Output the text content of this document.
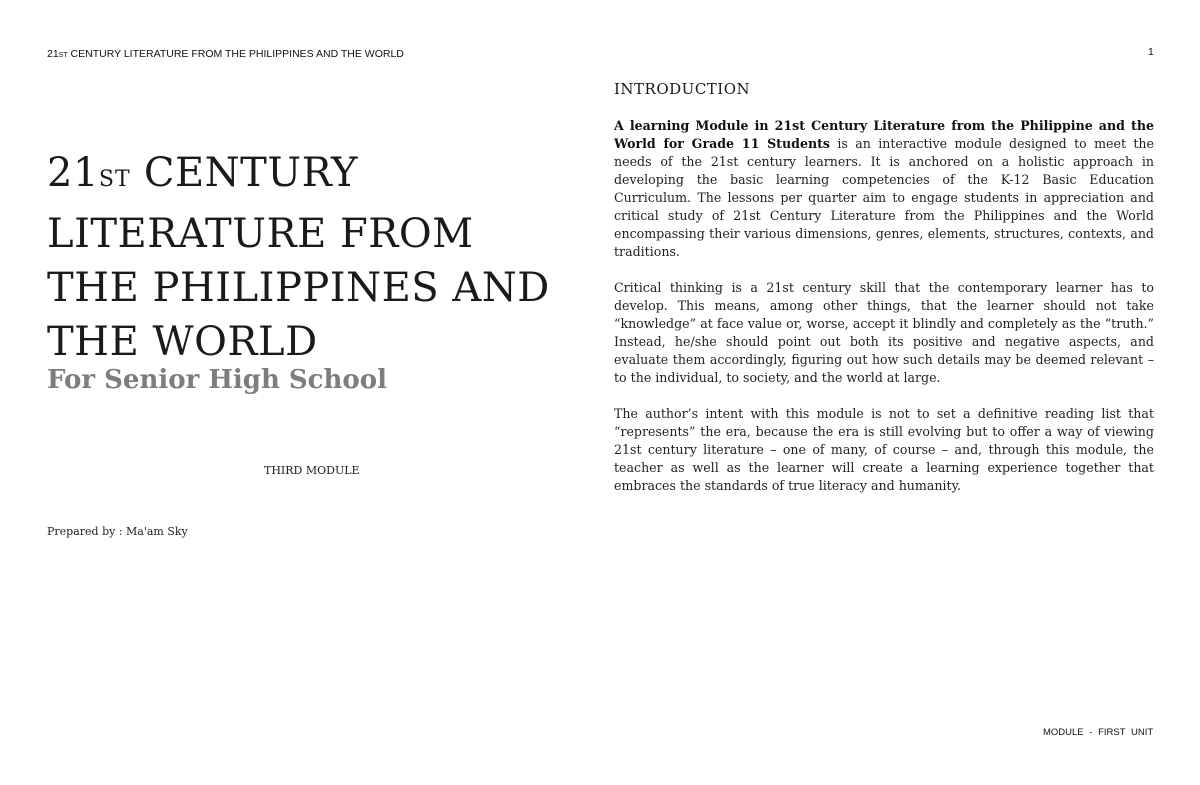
21ST CENTURY LITERATURE FROM THE PHILIPPINES AND THE WORLD	1
21ST CENTURY
LITERATURE FROM
THE PHILIPPINES AND
THE WORLD
For Senior High School
THIRD MODULE
Prepared by : Ma'am Sky
INTRODUCTION

A learning Module in 21st Century Literature from the Philippine and the World for Grade 11 Students is an interactive module designed to meet the needs of the 21st century learners. It is anchored on a holistic approach in developing the basic learning competencies of the K-12 Basic Education Curriculum. The lessons per quarter aim to engage students in appreciation and critical study of 21st Century Literature from the Philippines and the World encompassing their various dimensions, genres, elements, structures, contexts, and traditions.

Critical thinking is a 21st century skill that the contemporary learner has to develop. This means, among other things, that the learner should not take “knowledge” at face value or, worse, accept it blindly and completely as the “truth.” Instead, he/she should point out both its positive and negative aspects, and evaluate them accordingly, figuring out how such details may be deemed relevant – to the individual, to society, and the world at large.

The author’s intent with this module is not to set a definitive reading list that “represents” the era, because the era is still evolving but to offer a way of viewing 21st century literature – one of many, of course – and, through this module, the teacher as well as the learner will create a learning experience together that embraces the standards of true literacy and humanity.

MODULE - FIRST UNIT
